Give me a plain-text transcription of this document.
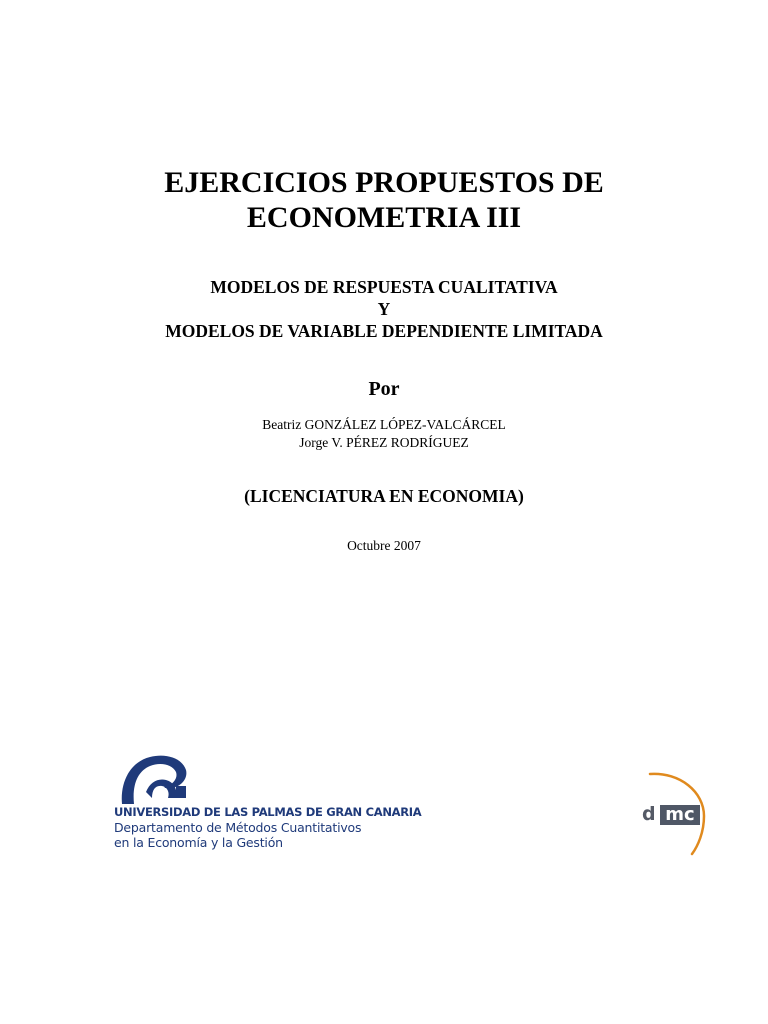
EJERCICIOS PROPUESTOS DE
ECONOMETRIA III
MODELOS DE RESPUESTA CUALITATIVA
Y
MODELOS DE VARIABLE DEPENDIENTE LIMITADA
Por
Beatriz GONZÁLEZ LÓPEZ-VALCÁRCEL
Jorge V. PÉREZ RODRÍGUEZ
(LICENCIATURA EN ECONOMIA)
Octubre 2007
UNIVERSIDAD DE LAS PALMAS DE GRAN CANARIA
Departamento de Métodos Cuantitativos
en la Economía y la Gestión
d mc
